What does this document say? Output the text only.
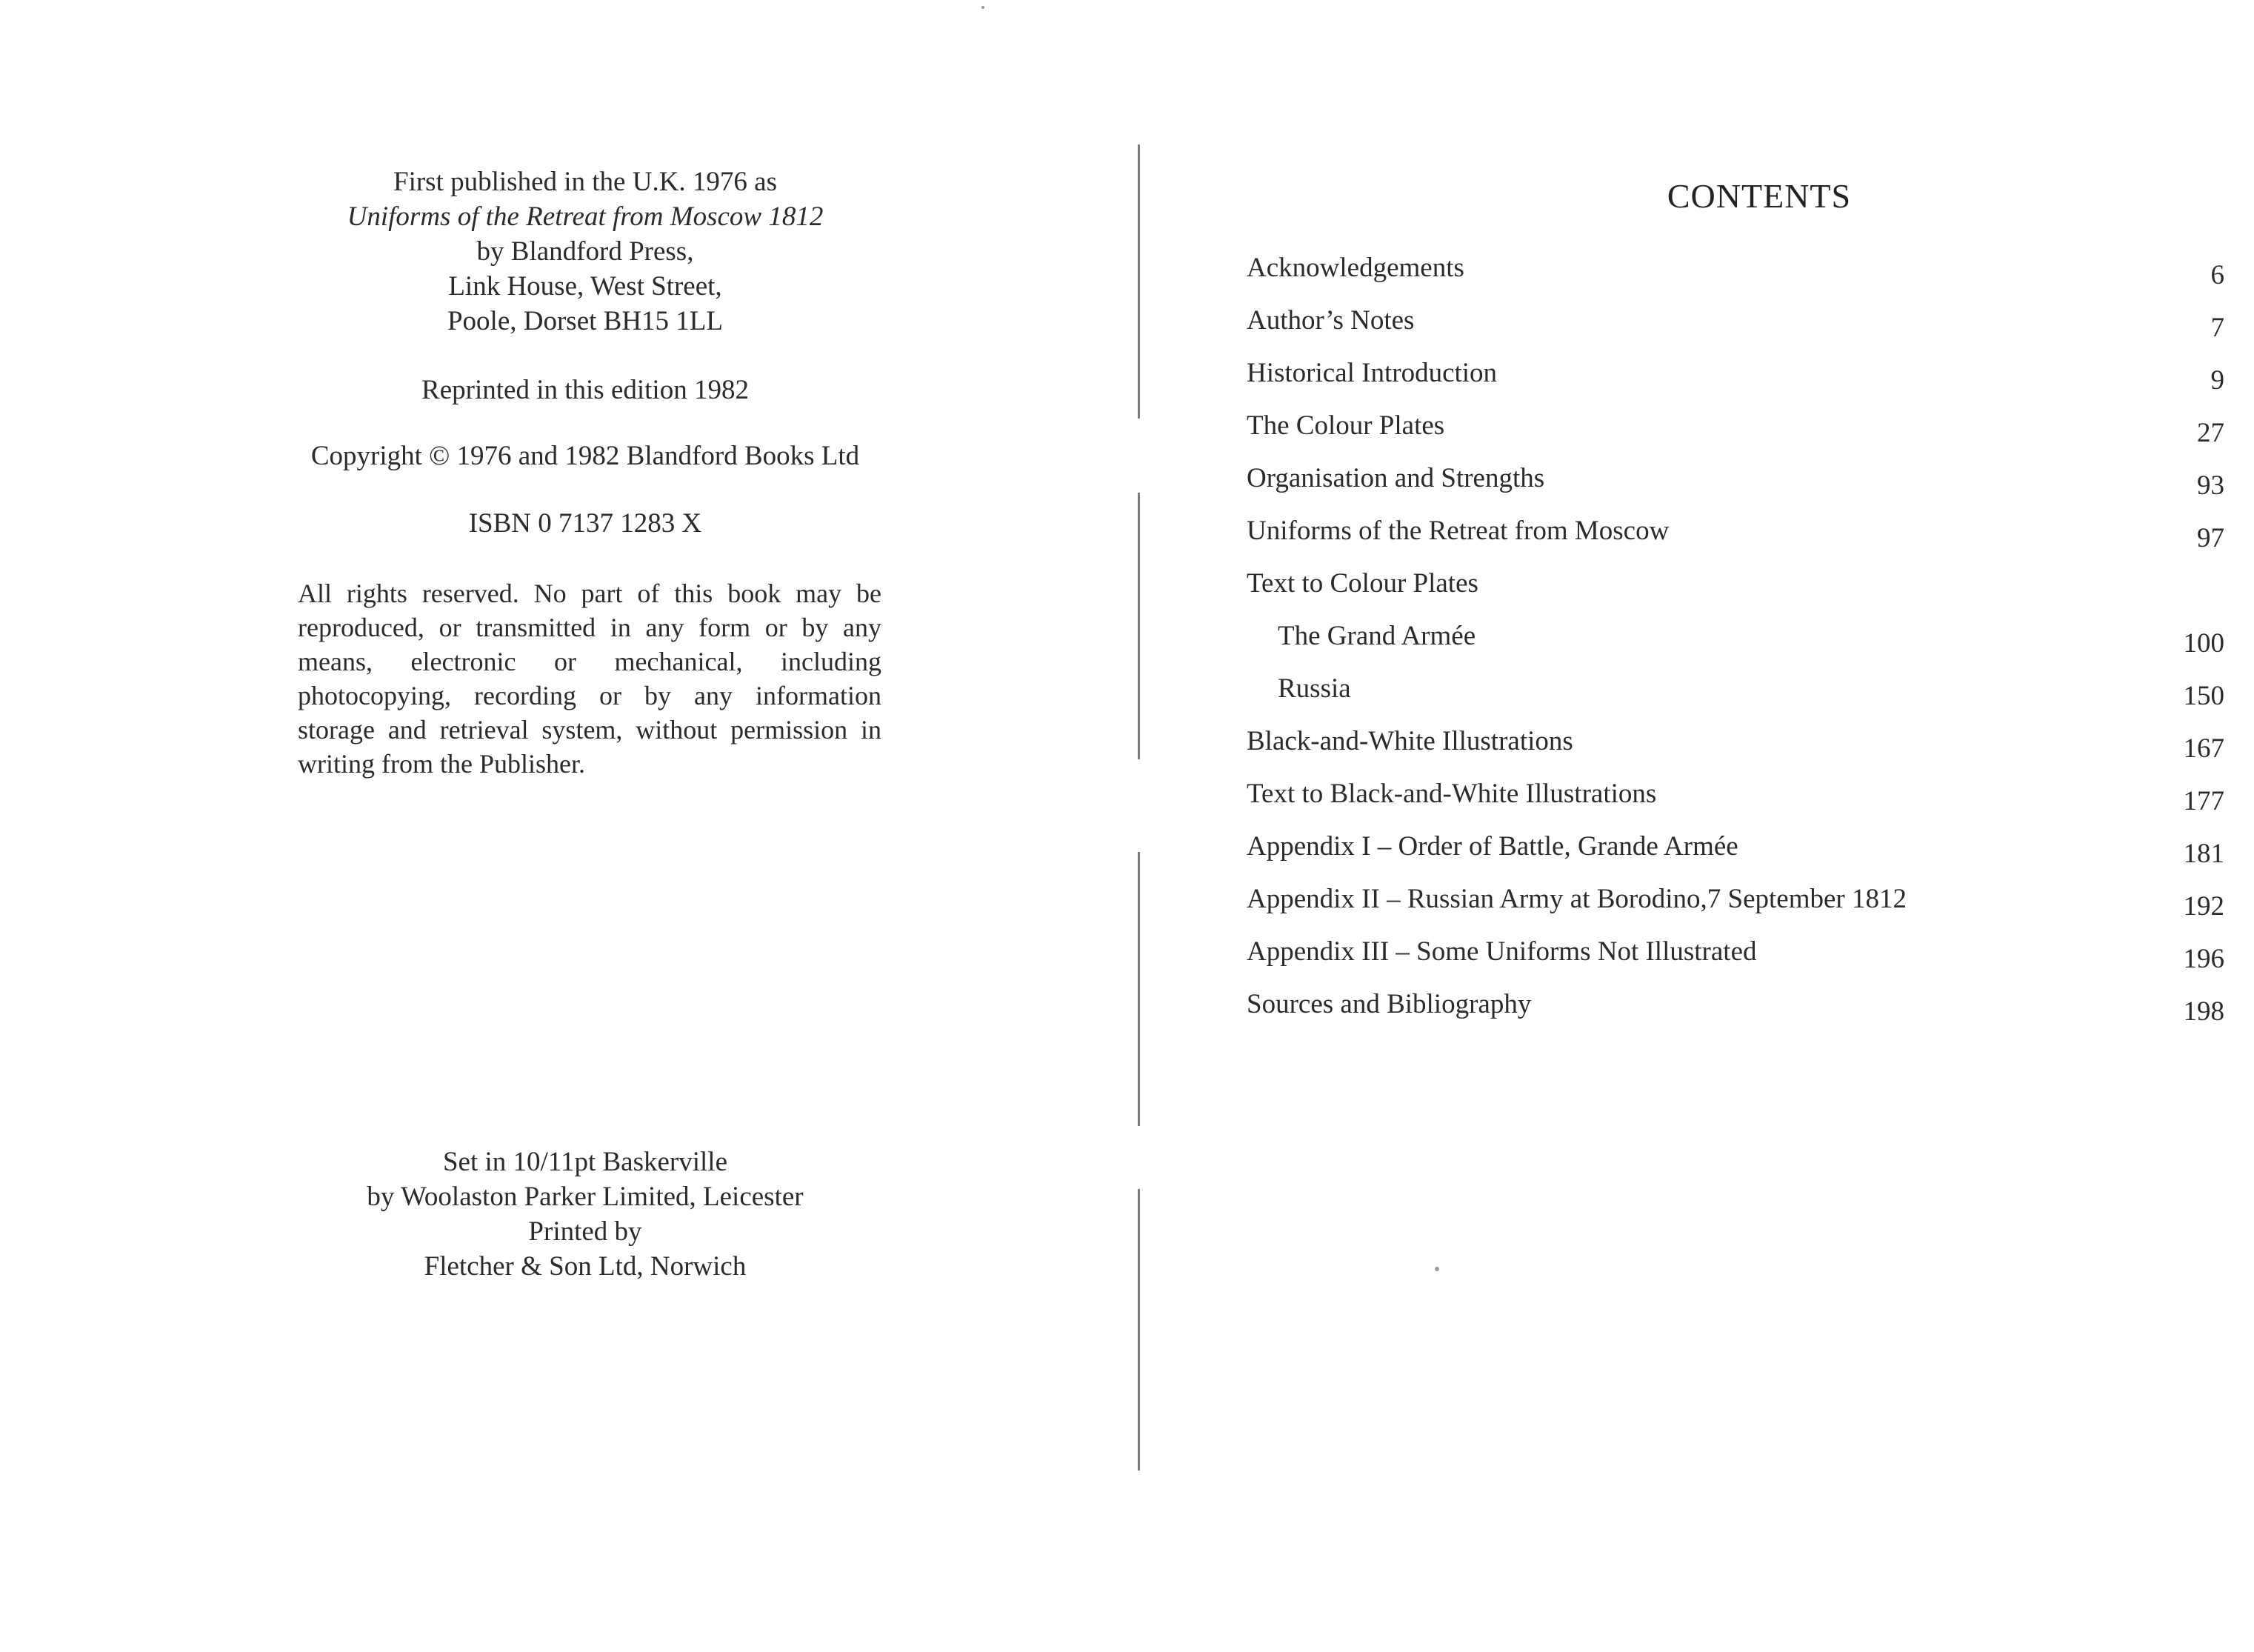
First published in the U.K. 1976 as
Uniforms of the Retreat from Moscow 1812
by Blandford Press,
Link House, West Street,
Poole, Dorset BH15 1LL
Reprinted in this edition 1982
Copyright © 1976 and 1982 Blandford Books Ltd
ISBN 0 7137 1283 X
All rights reserved. No part of this book may be reproduced, or transmitted in any form or by any means, electronic or mechanical, including photocopying, recording or by any information storage and retrieval system, without permission in writing from the Publisher.
Set in 10/11pt Baskerville
by Woolaston Parker Limited, Leicester
Printed by
Fletcher & Son Ltd, Norwich
CONTENTS
Acknowledgements	6
Author’s Notes	7
Historical Introduction	9
The Colour Plates	27
Organisation and Strengths	93
Uniforms of the Retreat from Moscow	97
Text to Colour Plates
The Grand Armée	100
Russia	150
Black-and-White Illustrations	167
Text to Black-and-White Illustrations	177
Appendix I – Order of Battle, Grande Armée	181
Appendix II – Russian Army at Borodino,7 September 1812	192
Appendix III – Some Uniforms Not Illustrated	196
Sources and Bibliography	198
